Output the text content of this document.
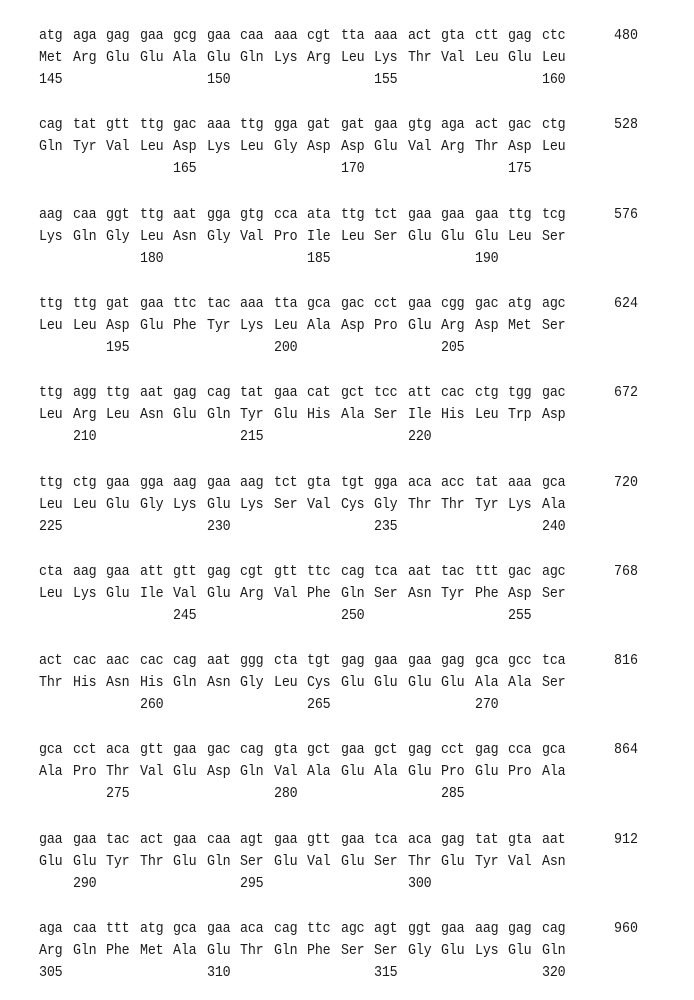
atg aga gag gaa gcg gaa caa aaa cgt tta aaa act gta ctt gag ctc
Met Arg Glu Glu Ala Glu Gln Lys Arg Leu Lys Thr Val Leu Glu Leu
145	150	155	160
480
cag tat gtt ttg gac aaa ttg gga gat gat gaa gtg aga act gac ctg
Gln Tyr Val Leu Asp Lys Leu Gly Asp Asp Glu Val Arg Thr Asp Leu
165	170	175
528
aag caa ggt ttg aat gga gtg cca ata ttg tct gaa gaa gaa ttg tcg
Lys Gln Gly Leu Asn Gly Val Pro Ile Leu Ser Glu Glu Glu Leu Ser
180	185	190
576
ttg ttg gat gaa ttc tac aaa tta gca gac cct gaa cgg gac atg agc
Leu Leu Asp Glu Phe Tyr Lys Leu Ala Asp Pro Glu Arg Asp Met Ser
195	200	205
624
ttg agg ttg aat gag cag tat gaa cat gct tcc att cac ctg tgg gac
Leu Arg Leu Asn Glu Gln Tyr Glu His Ala Ser Ile His Leu Trp Asp
210	215	220
672
ttg ctg gaa gga aag gaa aag tct gta tgt gga aca acc tat aaa gca
Leu Leu Glu Gly Lys Glu Lys Ser Val Cys Gly Thr Thr Tyr Lys Ala
225	230	235	240
720
cta aag gaa att gtt gag cgt gtt ttc cag tca aat tac ttt gac agc
Leu Lys Glu Ile Val Glu Arg Val Phe Gln Ser Asn Tyr Phe Asp Ser
245	250	255
768
act cac aac cac cag aat ggg cta tgt gag gaa gaa gag gca gcc tca
Thr His Asn His Gln Asn Gly Leu Cys Glu Glu Glu Glu Ala Ala Ser
260	265	270
816
gca cct aca gtt gaa gac cag gta gct gaa gct gag cct gag cca gca
Ala Pro Thr Val Glu Asp Gln Val Ala Glu Ala Glu Pro Glu Pro Ala
275	280	285
864
gaa gaa tac act gaa caa agt gaa gtt gaa tca aca gag tat gta aat
Glu Glu Tyr Thr Glu Gln Ser Glu Val Glu Ser Thr Glu Tyr Val Asn
290	295	300
912
aga caa ttt atg gca gaa aca cag ttc agc agt ggt gaa aag gag cag
Arg Gln Phe Met Ala Glu Thr Gln Phe Ser Ser Gly Glu Lys Glu Gln
305	310	315	320
960
